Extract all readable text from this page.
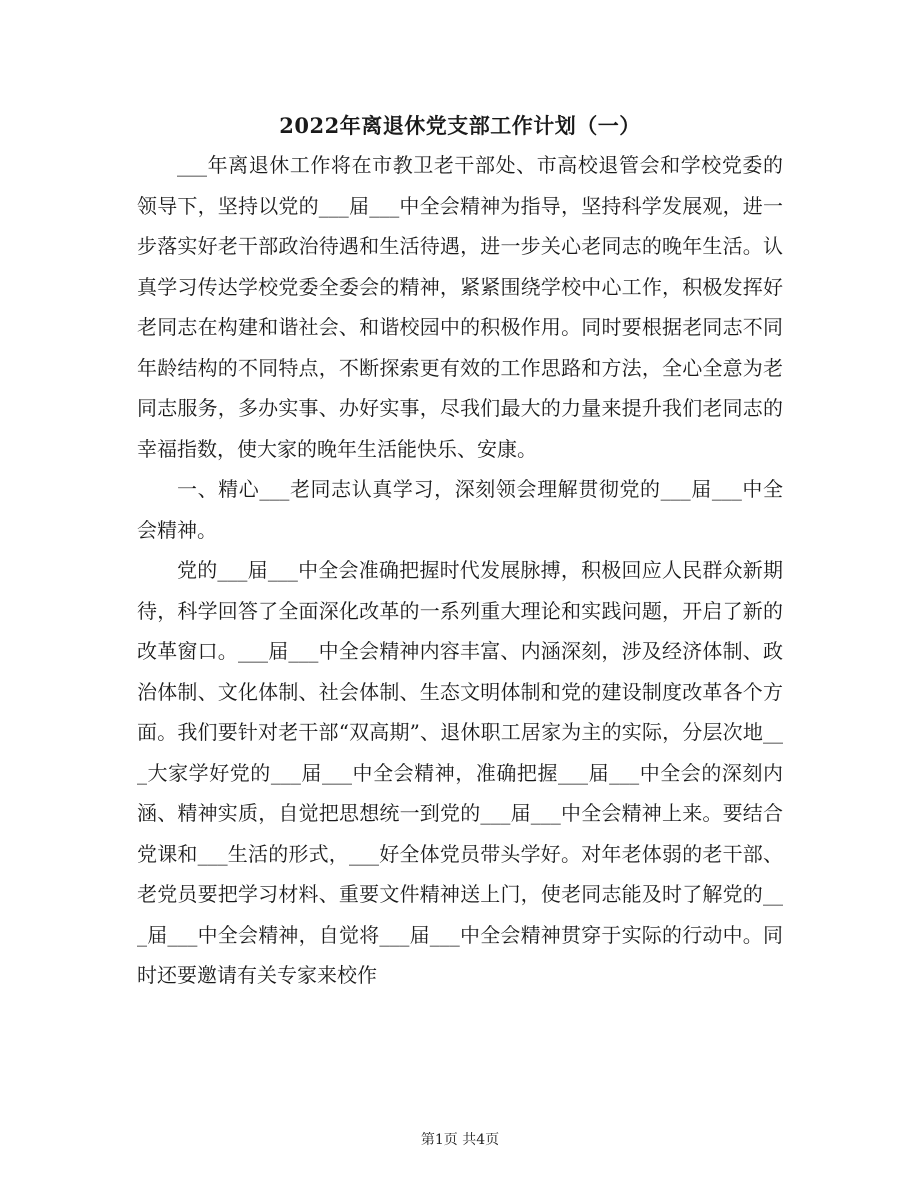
2022年离退休党支部工作计划（一）

___年离退休工作将在市教卫老干部处、市高校退管会和学校党委的领导下，坚持以党的___届___中全会精神为指导，坚持科学发展观，进一步落实好老干部政治待遇和生活待遇，进一步关心老同志的晚年生活。认真学习传达学校党委全委会的精神，紧紧围绕学校中心工作，积极发挥好老同志在构建和谐社会、和谐校园中的积极作用。同时要根据老同志不同年龄结构的不同特点，不断探索更有效的工作思路和方法，全心全意为老同志服务，多办实事、办好实事，尽我们最大的力量来提升我们老同志的幸福指数，使大家的晚年生活能快乐、安康。

一、精心___老同志认真学习，深刻领会理解贯彻党的___届___中全会精神。

党的___届___中全会准确把握时代发展脉搏，积极回应人民群众新期待，科学回答了全面深化改革的一系列重大理论和实践问题，开启了新的改革窗口。___届___中全会精神内容丰富、内涵深刻，涉及经济体制、政治体制、文化体制、社会体制、生态文明体制和党的建设制度改革各个方面。我们要针对老干部“双高期”、退休职工居家为主的实际，分层次地___大家学好党的___届___中全会精神，准确把握___届___中全会的深刻内涵、精神实质，自觉把思想统一到党的___届___中全会精神上来。要结合党课和___生活的形式，___好全体党员带头学好。对年老体弱的老干部、老党员要把学习材料、重要文件精神送上门，使老同志能及时了解党的___届___中全会精神，自觉将___届___中全会精神贯穿于实际的行动中。同时还要邀请有关专家来校作

第1页 共4页
